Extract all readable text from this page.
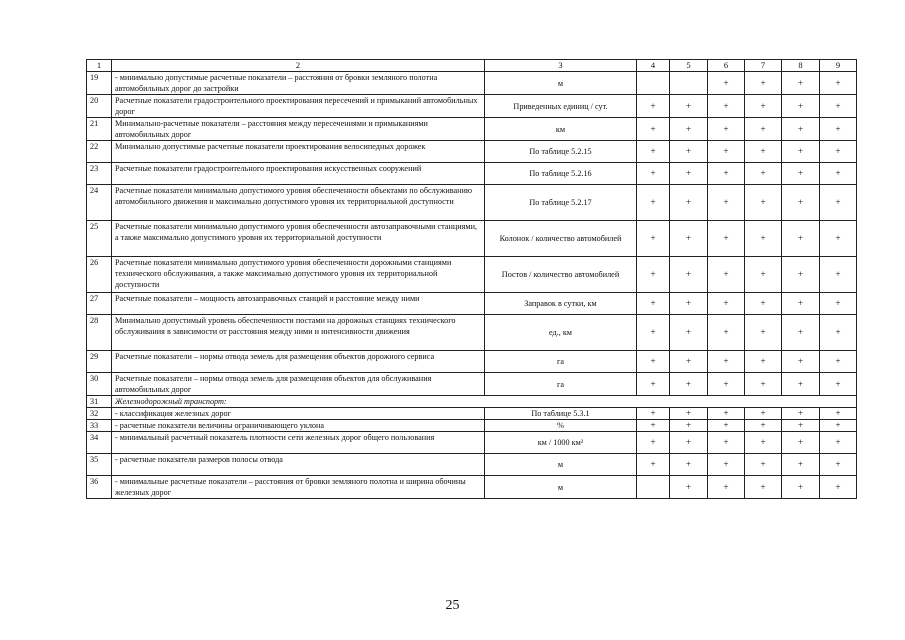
1	2	3	4	5	6	7	8	9
19	- минимально допустимые расчетные показатели – расстояния от бровки земляного полотна автомобильных дорог до застройки	м			+	+	+	+
20	Расчетные показатели градостроительного проектирования пересечений и примыканий автомобильных дорог	Приведенных единиц / сут.	+	+	+	+	+	+
21	Минимально-расчетные показатели – расстояния между пересечениями и примыканиями автомобильных дорог	км	+	+	+	+	+	+
22	Минимально допустимые расчетные показатели проектирования велосипедных дорожек	По таблице 5.2.15	+	+	+	+	+	+
23	Расчетные показатели градостроительного проектирования искусственных сооружений	По таблице 5.2.16	+	+	+	+	+	+
24	Расчетные показатели минимально допустимого уровня обеспеченности объектами по обслуживанию автомобильного движения и максимально допустимого уровня их территориальной доступности	По таблице 5.2.17	+	+	+	+	+	+
25	Расчетные показатели минимально допустимого уровня обеспеченности автозаправочными станциями, а также максимально допустимого уровня их территориальной доступности	Колонок / количество автомобилей	+	+	+	+	+	+
26	Расчетные показатели минимально допустимого уровня обеспеченности дорожными станциями технического обслуживания, а также максимально допустимого уровня их территориальной доступности	Постов / количество автомобилей	+	+	+	+	+	+
27	Расчетные показатели – мощность автозаправочных станций и расстояние между ними	Заправок в сутки, км	+	+	+	+	+	+
28	Минимально допустимый уровень обеспеченности постами на дорожных станциях технического обслуживания в зависимости от расстояния между ними и интенсивности движения	ед., км	+	+	+	+	+	+
29	Расчетные показатели – нормы отвода земель для размещения объектов дорожного сервиса	га	+	+	+	+	+	+
30	Расчетные показатели – нормы отвода земель для размещения объектов для обслуживания автомобильных дорог	га	+	+	+	+	+	+
31	Железнодорожный транспорт:							
32	- классификация железных дорог	По таблице 5.3.1	+	+	+	+	+	+
33	- расчетные показатели величины ограничивающего уклона	%	+	+	+	+	+	+
34	- минимальный расчетный показатель плотности сети железных дорог общего пользования	км / 1000 км²	+	+	+	+	+	+
35	- расчетные показатели размеров полосы отвода	м	+	+	+	+	+	+
36	- минимальные расчетные показатели – расстояния от бровки земляного полотна и ширина обочины железных дорог	м		+	+	+	+	+
25
